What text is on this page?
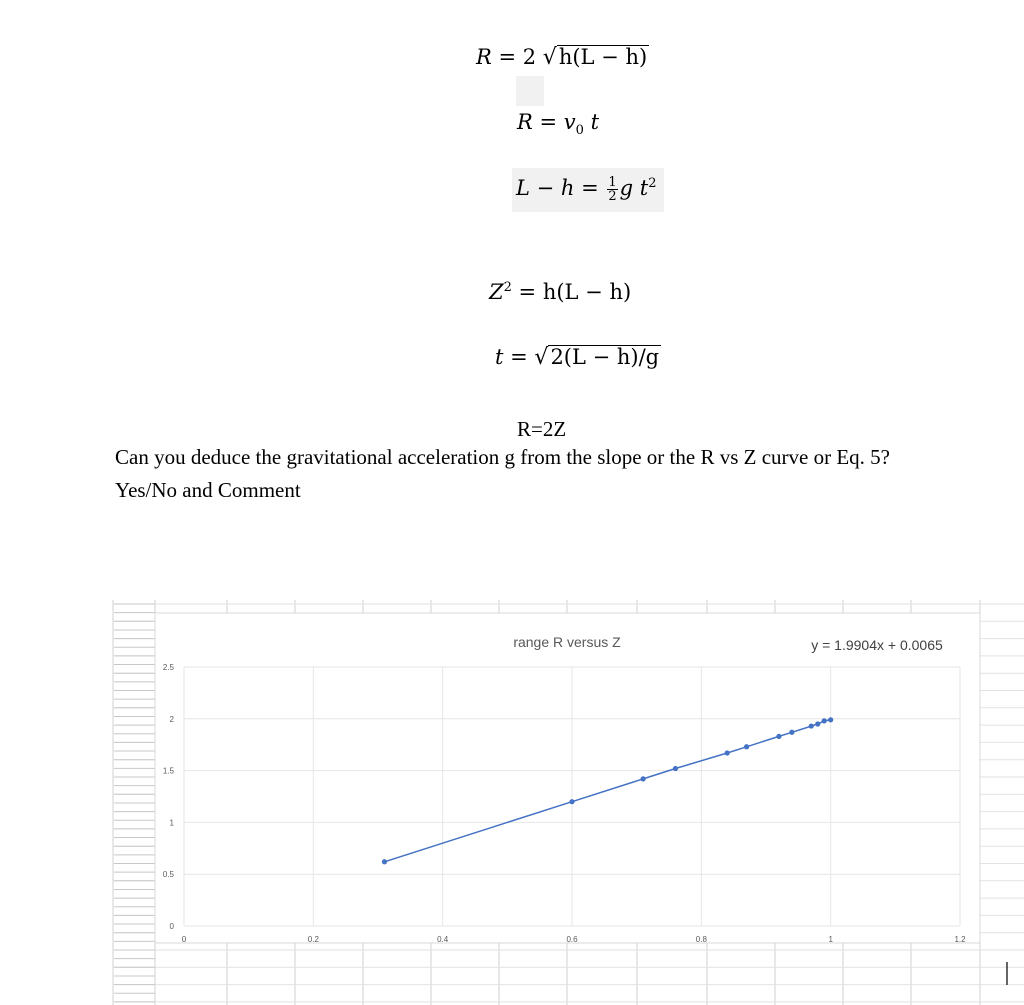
R = 2 √h(L − h)
$R = v_0$ t
$L - h = \frac{1}{2}$ g $t^2$
$Z^2 = h(L - h)$
t = √2(L − h)/g
R=2Z
Can you deduce the gravitational acceleration g from the slope or the R vs Z curve or Eq. 5?
Yes/No and Comment
0	0.2	0.4	0.6	0.8	1	1.2
0
0.5
1
1.5
2
2.5
range R versus Z	y = 1.9904x + 0.0065
